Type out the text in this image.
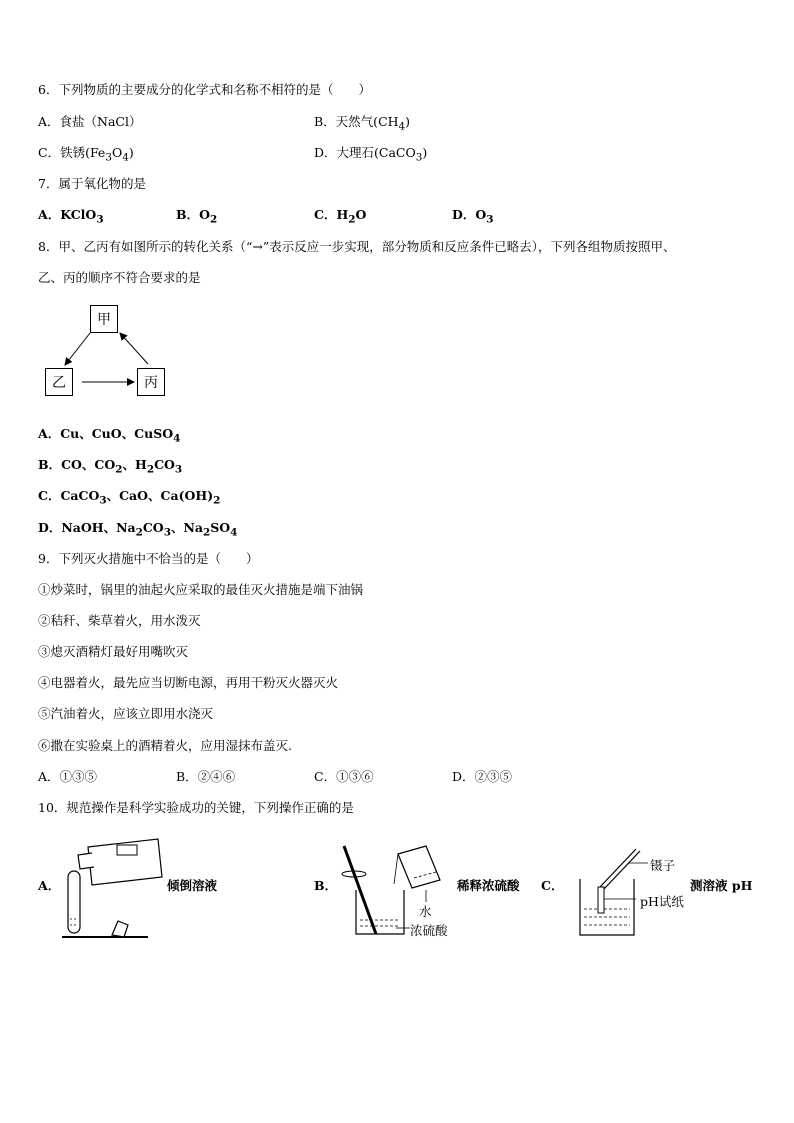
6．下列物质的主要成分的化学式和名称不相符的是（　　）
A．食盐（NaCl）	B．天然气$(CH_4)$
C．铁锈$(Fe_3O_4)$	D．大理石(CaCO$_3$)
7．属于氧化物的是
A．KClO$_3$	B．$O_2$	C．$H_2O$	D．$O_3$
8．甲、乙丙有如图所示的转化关系（“→”表示反应一步实现，部分物质和反应条件已略去），下列各组物质按照甲、
乙、丙的顺序不符合要求的是
甲
乙	丙
A．Cu、CuO、CuSO$_4$
B．CO、$CO_2$、$H_2CO_3$
C．CaCO$_3$、CaO、$Ca(OH)_2$
D．NaOH、$Na_2CO_3$、$Na_2SO_4$
9．下列灭火措施中不恰当的是（　　）
①炒菜时，锅里的油起火应采取的最佳灭火措施是端下油锅
②秸秆、柴草着火，用水泼灭
③熄灭酒精灯最好用嘴吹灭
④电器着火，最先应当切断电源，再用干粉灭火器灭火
⑤汽油着火，应该立即用水浇灭
⑥撒在实验桌上的酒精着火，应用湿抹布盖灭.
A．①③⑤	B．②④⑥	C．①③⑥	D．②③⑤
10．规范操作是科学实验成功的关键，下列操作正确的是
A．	倾倒溶液	B．
水
浓硫酸
稀释浓硫酸 C．
镊子
pH试纸
测溶液 pH
